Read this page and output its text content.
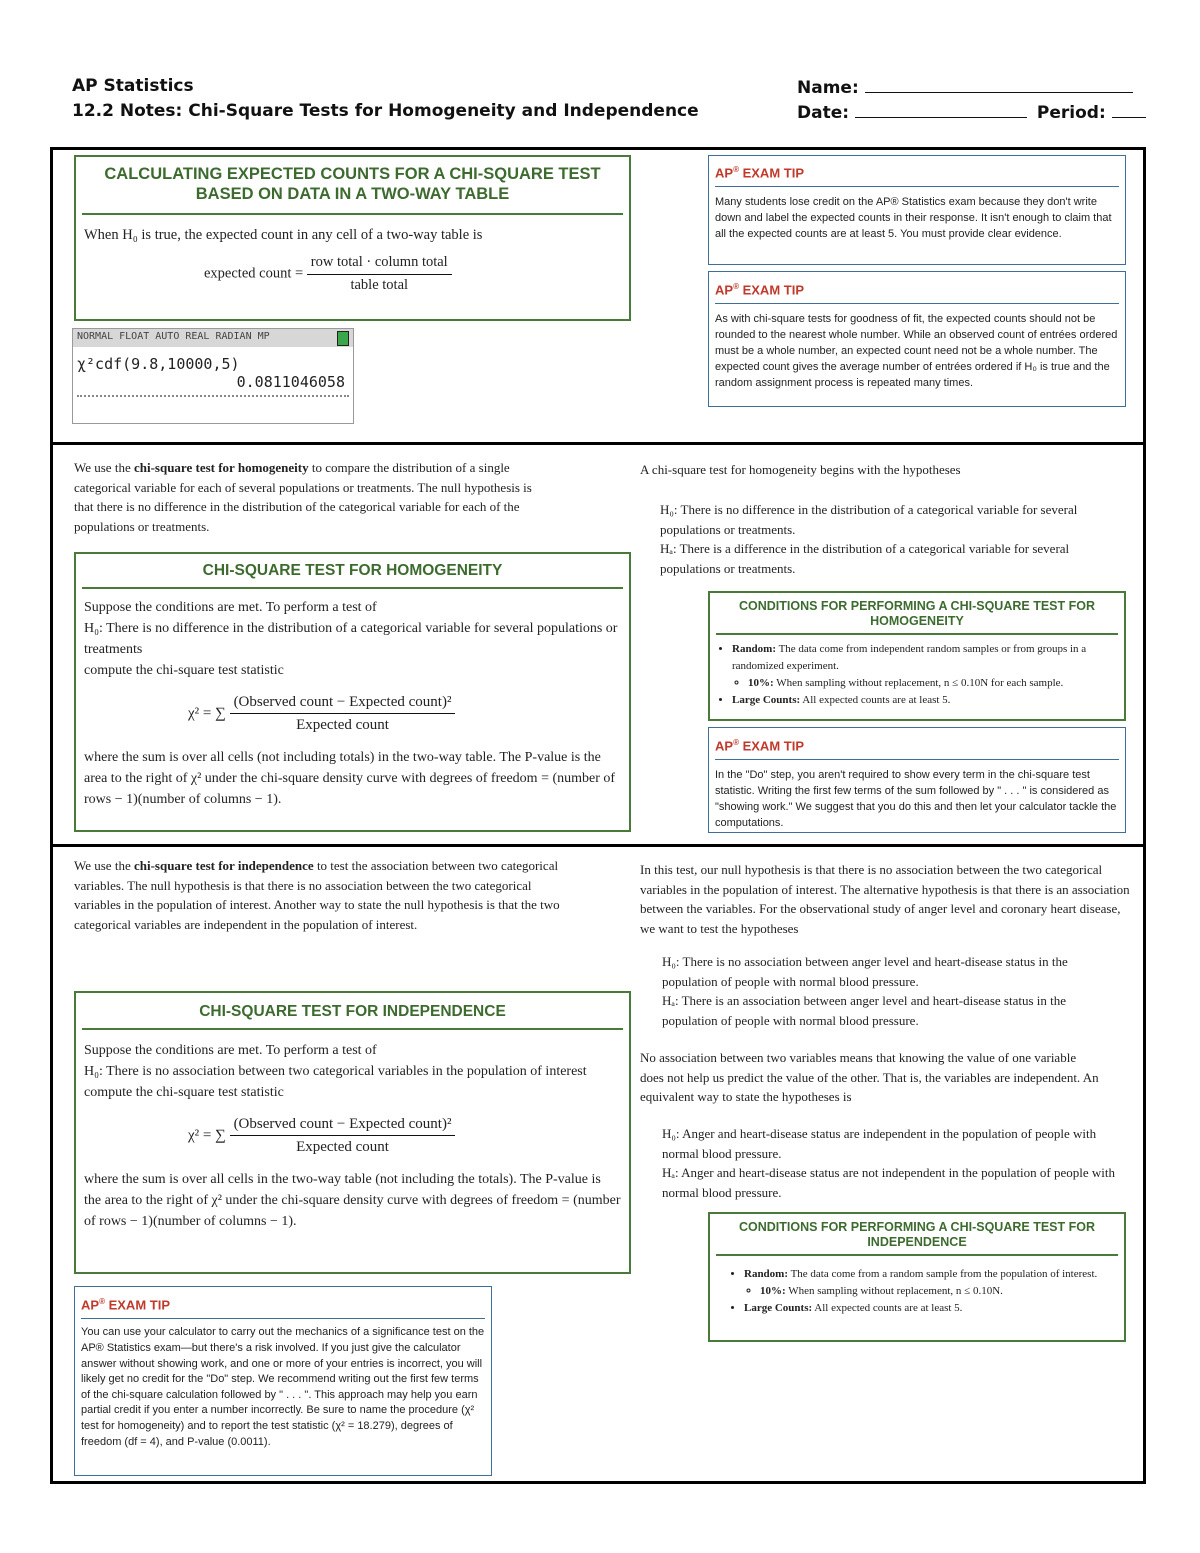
AP Statistics
12.2 Notes: Chi-Square Tests for Homogeneity and Independence
Name:
Date:	Period:
CALCULATING EXPECTED COUNTS FOR A CHI-SQUARE TEST BASED ON DATA IN A TWO-WAY TABLE
When H₀ is true, the expected count in any cell of a two-way table is
expected count = $\frac{\text{row total · column total}}{\text{table total}}$
NORMAL FLOAT AUTO REAL RADIAN MP
χ²cdf(9.8,10000,5)
0.0811046058
AP® EXAM TIP
Many students lose credit on the AP® Statistics exam because they don't write down and label the expected counts in their response. It isn't enough to claim that all the expected counts are at least 5. You must provide clear evidence.
AP® EXAM TIP
As with chi-square tests for goodness of fit, the expected counts should not be rounded to the nearest whole number. While an observed count of entrées ordered must be a whole number, an expected count need not be a whole number. The expected count gives the average number of entrées ordered if H₀ is true and the random assignment process is repeated many times.
We use the chi-square test for homogeneity to compare the distribution of a single categorical variable for each of several populations or treatments. The null hypothesis is that there is no difference in the distribution of the categorical variable for each of the populations or treatments.
CHI-SQUARE TEST FOR HOMOGENEITY
Suppose the conditions are met. To perform a test of
H₀: There is no difference in the distribution of a categorical variable for several populations or treatments
compute the chi-square test statistic
χ² = ∑ $\frac{\text{(Observed count − Expected count)²}}{\text{Expected count}}$
where the sum is over all cells (not including totals) in the two-way table. The P-value is the area to the right of χ² under the chi-square density curve with degrees of freedom = (number of rows − 1)(number of columns − 1).
A chi-square test for homogeneity begins with the hypotheses
H₀: There is no difference in the distribution of a categorical variable for several populations or treatments.
Hₐ: There is a difference in the distribution of a categorical variable for several populations or treatments.
CONDITIONS FOR PERFORMING A CHI-SQUARE TEST FOR HOMOGENEITY
• Random: The data come from independent random samples or from groups in a randomized experiment.
◦ 10%: When sampling without replacement, n ≤ 0.10N for each sample.
• Large Counts: All expected counts are at least 5.
AP® EXAM TIP
In the "Do" step, you aren't required to show every term in the chi-square test statistic. Writing the first few terms of the sum followed by " . . . " is considered as "showing work." We suggest that you do this and then let your calculator tackle the computations.
We use the chi-square test for independence to test the association between two categorical variables. The null hypothesis is that there is no association between the two categorical variables in the population of interest. Another way to state the null hypothesis is that the two categorical variables are independent in the population of interest.
CHI-SQUARE TEST FOR INDEPENDENCE
Suppose the conditions are met. To perform a test of
H₀: There is no association between two categorical variables in the population of interest
compute the chi-square test statistic
χ² = ∑ $\frac{\text{(Observed count − Expected count)²}}{\text{Expected count}}$
where the sum is over all cells in the two-way table (not including the totals). The P-value is the area to the right of χ² under the chi-square density curve with degrees of freedom = (number of rows − 1)(number of columns − 1).
AP® EXAM TIP
You can use your calculator to carry out the mechanics of a significance test on the AP® Statistics exam—but there's a risk involved. If you just give the calculator answer without showing work, and one or more of your entries is incorrect, you will likely get no credit for the "Do" step. We recommend writing out the first few terms of the chi-square calculation followed by " . . . ". This approach may help you earn partial credit if you enter a number incorrectly. Be sure to name the procedure (χ² test for homogeneity) and to report the test statistic (χ² = 18.279), degrees of freedom (df = 4), and P-value (0.0011).
In this test, our null hypothesis is that there is no association between the two categorical variables in the population of interest. The alternative hypothesis is that there is an association between the variables. For the observational study of anger level and coronary heart disease, we want to test the hypotheses
H₀: There is no association between anger level and heart-disease status in the population of people with normal blood pressure.
Hₐ: There is an association between anger level and heart-disease status in the population of people with normal blood pressure.
No association between two variables means that knowing the value of one variable does not help us predict the value of the other. That is, the variables are independent. An equivalent way to state the hypotheses is
H₀: Anger and heart-disease status are independent in the population of people with normal blood pressure.
Hₐ: Anger and heart-disease status are not independent in the population of people with normal blood pressure.
CONDITIONS FOR PERFORMING A CHI-SQUARE TEST FOR INDEPENDENCE
• Random: The data come from a random sample from the population of interest.
◦ 10%: When sampling without replacement, n ≤ 0.10N.
• Large Counts: All expected counts are at least 5.
